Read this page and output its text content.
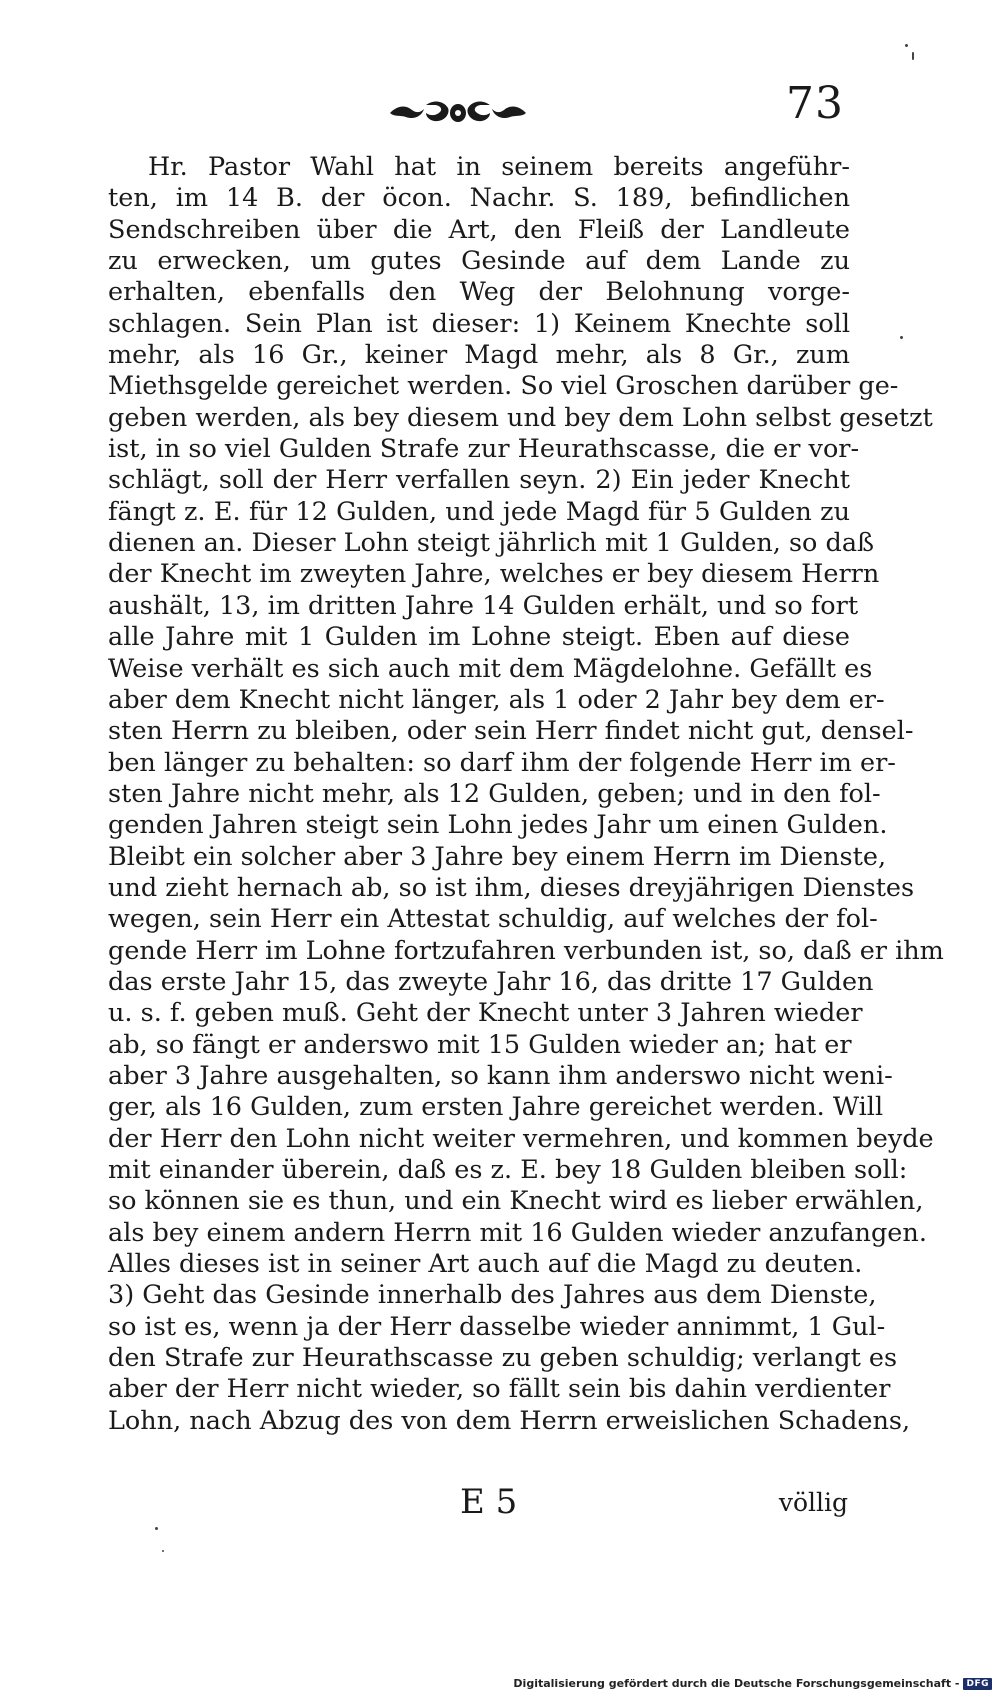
73
Hr. Pastor Wahl hat in seinem bereits angeführ-
ten, im 14 B. der öcon. Nachr. S. 189, befindlichen
Sendschreiben über die Art, den Fleiß der Landleute
zu erwecken, um gutes Gesinde auf dem Lande zu
erhalten, ebenfalls den Weg der Belohnung vorge-
schlagen. Sein Plan ist dieser: 1) Keinem Knechte soll
mehr, als 16 Gr., keiner Magd mehr, als 8 Gr., zum
Miethsgelde gereichet werden. So viel Groschen darüber ge-
geben werden, als bey diesem und bey dem Lohn selbst gesetzt
ist, in so viel Gulden Strafe zur Heurathscasse, die er vor-
schlägt, soll der Herr verfallen seyn. 2) Ein jeder Knecht
fängt z. E. für 12 Gulden, und jede Magd für 5 Gulden zu
dienen an. Dieser Lohn steigt jährlich mit 1 Gulden, so daß
der Knecht im zweyten Jahre, welches er bey diesem Herrn
aushält, 13, im dritten Jahre 14 Gulden erhält, und so fort
alle Jahre mit 1 Gulden im Lohne steigt. Eben auf diese
Weise verhält es sich auch mit dem Mägdelohne. Gefällt es
aber dem Knecht nicht länger, als 1 oder 2 Jahr bey dem er-
sten Herrn zu bleiben, oder sein Herr findet nicht gut, densel-
ben länger zu behalten: so darf ihm der folgende Herr im er-
sten Jahre nicht mehr, als 12 Gulden, geben; und in den fol-
genden Jahren steigt sein Lohn jedes Jahr um einen Gulden.
Bleibt ein solcher aber 3 Jahre bey einem Herrn im Dienste,
und zieht hernach ab, so ist ihm, dieses dreyjährigen Dienstes
wegen, sein Herr ein Attestat schuldig, auf welches der fol-
gende Herr im Lohne fortzufahren verbunden ist, so, daß er ihm
das erste Jahr 15, das zweyte Jahr 16, das dritte 17 Gulden
u. s. f. geben muß. Geht der Knecht unter 3 Jahren wieder
ab, so fängt er anderswo mit 15 Gulden wieder an; hat er
aber 3 Jahre ausgehalten, so kann ihm anderswo nicht weni-
ger, als 16 Gulden, zum ersten Jahre gereichet werden. Will
der Herr den Lohn nicht weiter vermehren, und kommen beyde
mit einander überein, daß es z. E. bey 18 Gulden bleiben soll:
so können sie es thun, und ein Knecht wird es lieber erwählen,
als bey einem andern Herrn mit 16 Gulden wieder anzufangen.
Alles dieses ist in seiner Art auch auf die Magd zu deuten.
3) Geht das Gesinde innerhalb des Jahres aus dem Dienste,
so ist es, wenn ja der Herr dasselbe wieder annimmt, 1 Gul-
den Strafe zur Heurathscasse zu geben schuldig; verlangt es
aber der Herr nicht wieder, so fällt sein bis dahin verdienter
Lohn, nach Abzug des von dem Herrn erweislichen Schadens,
E 5	völlig
Digitalisierung gefördert durch die Deutsche Forschungsgemeinschaft - DFG
